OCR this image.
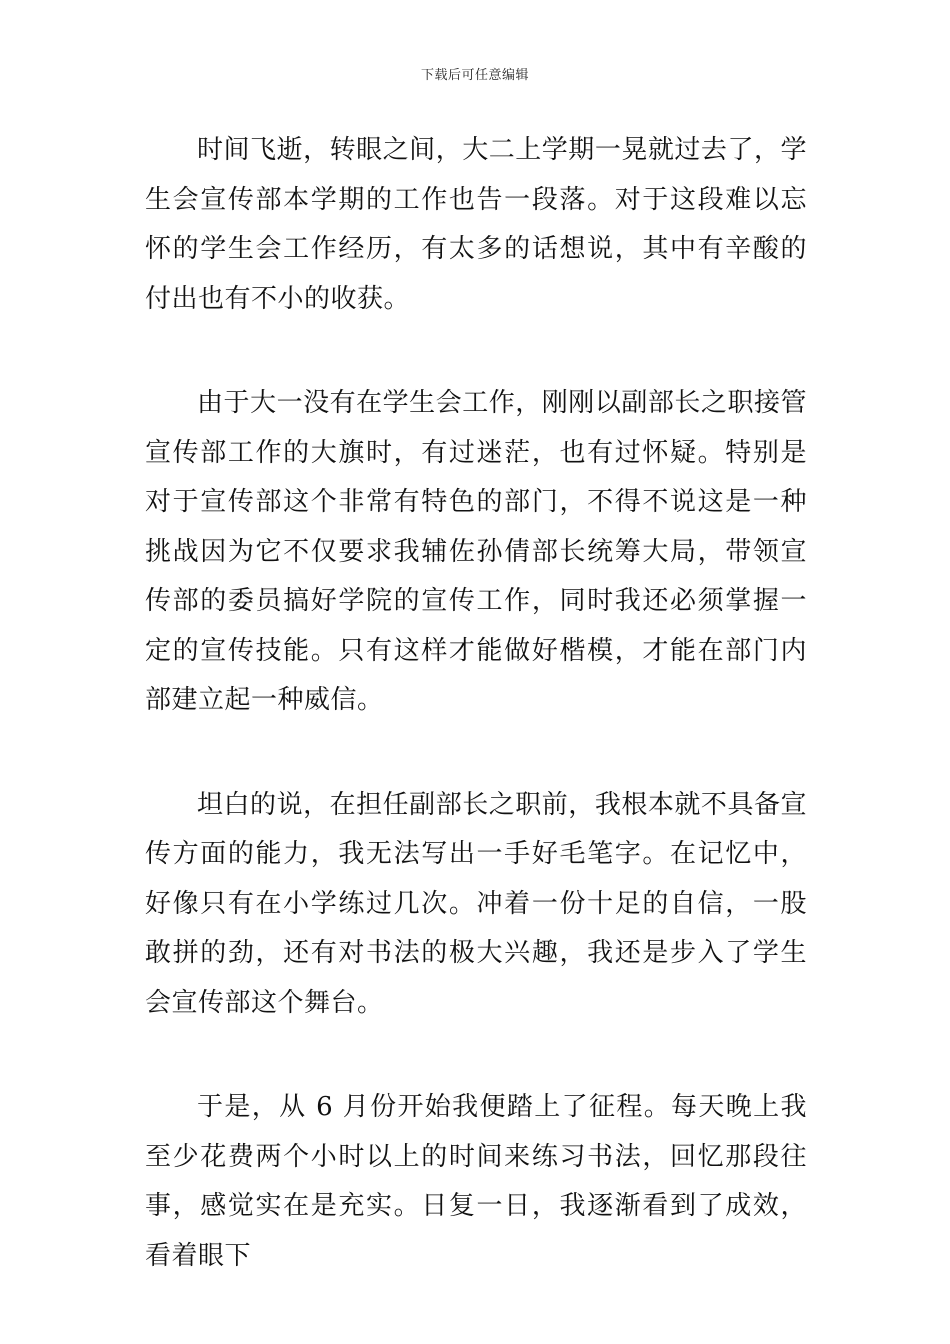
下载后可任意编辑

时间飞逝，转眼之间，大二上学期一晃就过去了，学生会宣传部本学期的工作也告一段落。对于这段难以忘怀的学生会工作经历，有太多的话想说，其中有辛酸的付出也有不小的收获。

由于大一没有在学生会工作，刚刚以副部长之职接管宣传部工作的大旗时，有过迷茫，也有过怀疑。特别是对于宣传部这个非常有特色的部门，不得不说这是一种挑战因为它不仅要求我辅佐孙倩部长统筹大局，带领宣传部的委员搞好学院的宣传工作，同时我还必须掌握一定的宣传技能。只有这样才能做好楷模，才能在部门内部建立起一种威信。

坦白的说，在担任副部长之职前，我根本就不具备宣传方面的能力，我无法写出一手好毛笔字。在记忆中，好像只有在小学练过几次。冲着一份十足的自信，一股敢拼的劲，还有对书法的极大兴趣，我还是步入了学生会宣传部这个舞台。

于是，从 6 月份开始我便踏上了征程。每天晚上我至少花费两个小时以上的时间来练习书法，回忆那段往事，感觉实在是充实。日复一日，我逐渐看到了成效，看着眼下
